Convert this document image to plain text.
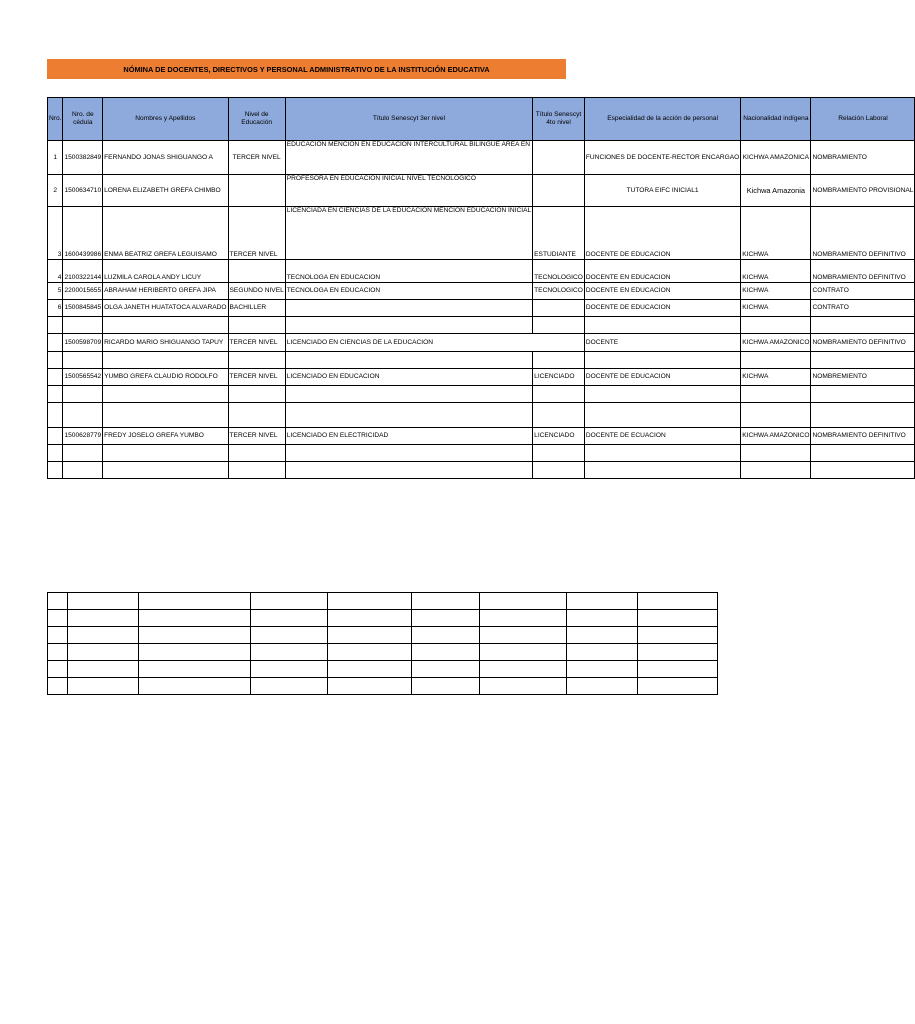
NÓMINA DE DOCENTES, DIRECTIVOS Y PERSONAL ADMINISTRATIVO DE LA INSTITUCIÓN EDUCATIVA
Nro.	Nro. de cédula	Nombres y Apellidos	Nivel de Educación	Título Senescyt 3er nivel	Título Senescyt 4to nivel	Especialidad de la acción de personal	Nacionalidad indígena	Relación Laboral
1	1500382849	FERNANDO JONAS SHIGUANGO A	TERCER NIVEL	EDUCACION MENCION EN EDUCACION INTERCULTURAL BILINGÜE AREA EN		FUNCIONES DE DOCENTE-RECTOR ENCARGAO	KICHWA AMAZONICA	NOMBRAMIENTO
2	1500634710	LORENA ELIZABETH GREFA CHIMBO		PROFESORA EN EDUCACIÓN INICIAL NIVEL TECNOLÓGICO		TUTORA EIFC INICIAL1	Kichwa Amazonia	NOMBRAMIENTO PROVISIONAL
3	1600439986	ENMA BEATRIZ GREFA LEGUISAMO	TERCER NIVEL	LICENCIADA EN CIENCIAS DE LA EDUCACION MENCION EDUCACION INICIAL	ESTUDIANTE	DOCENTE DE EDUCACION	KICHWA	NOMBRAMIENTO DEFINITIVO
4	2100322144	LUZMILA CAROLA ANDY LICUY		TECNOLOGA EN EDUCACION	TECNOLOGICO	DOCENTE EN EDUCACION	KICHWA	NOMBRAMIENTO DEFINITIVO
5	2200015655	ABRAHAM HERIBERTO GREFA JIPA	SEGUNDO NIVEL	TECNOLOGA EN EDUCACION	TECNOLOGICO	DOCENTE EN EDUCACION	KICHWA	CONTRATO
6	1500845845	OLGA JANETH HUATATOCA ALVARADO	BACHILLER			DOCENTE DE EDUCACION	KICHWA	CONTRATO

	1500598709	RICARDO MARIO SHIGUANGO TAPUY	TERCER NIVEL	LICENCIADO EN CIENCIAS DE LA EDUCACION		DOCENTE	KICHWA AMAZONICO	NOMBRAMIENTO DEFINITIVO

	1500565542	YUMBO GREFA CLAUDIO RODOLFO	TERCER NIVEL	LICENCIADO EN EDUCACION	LICENCIADO	DOCENTE DE EDUCACION	KICHWA	NOMBREMIENTO

	1500628779	FREDY JOSELO GREFA YUMBO	TERCER NIVEL	LICENCIADO EN ELECTRICIDAD	LICENCIADO	DOCENTE DE ECUACION	KICHWA AMAZONICO	NOMBRAMIENTO DEFINITIVO
